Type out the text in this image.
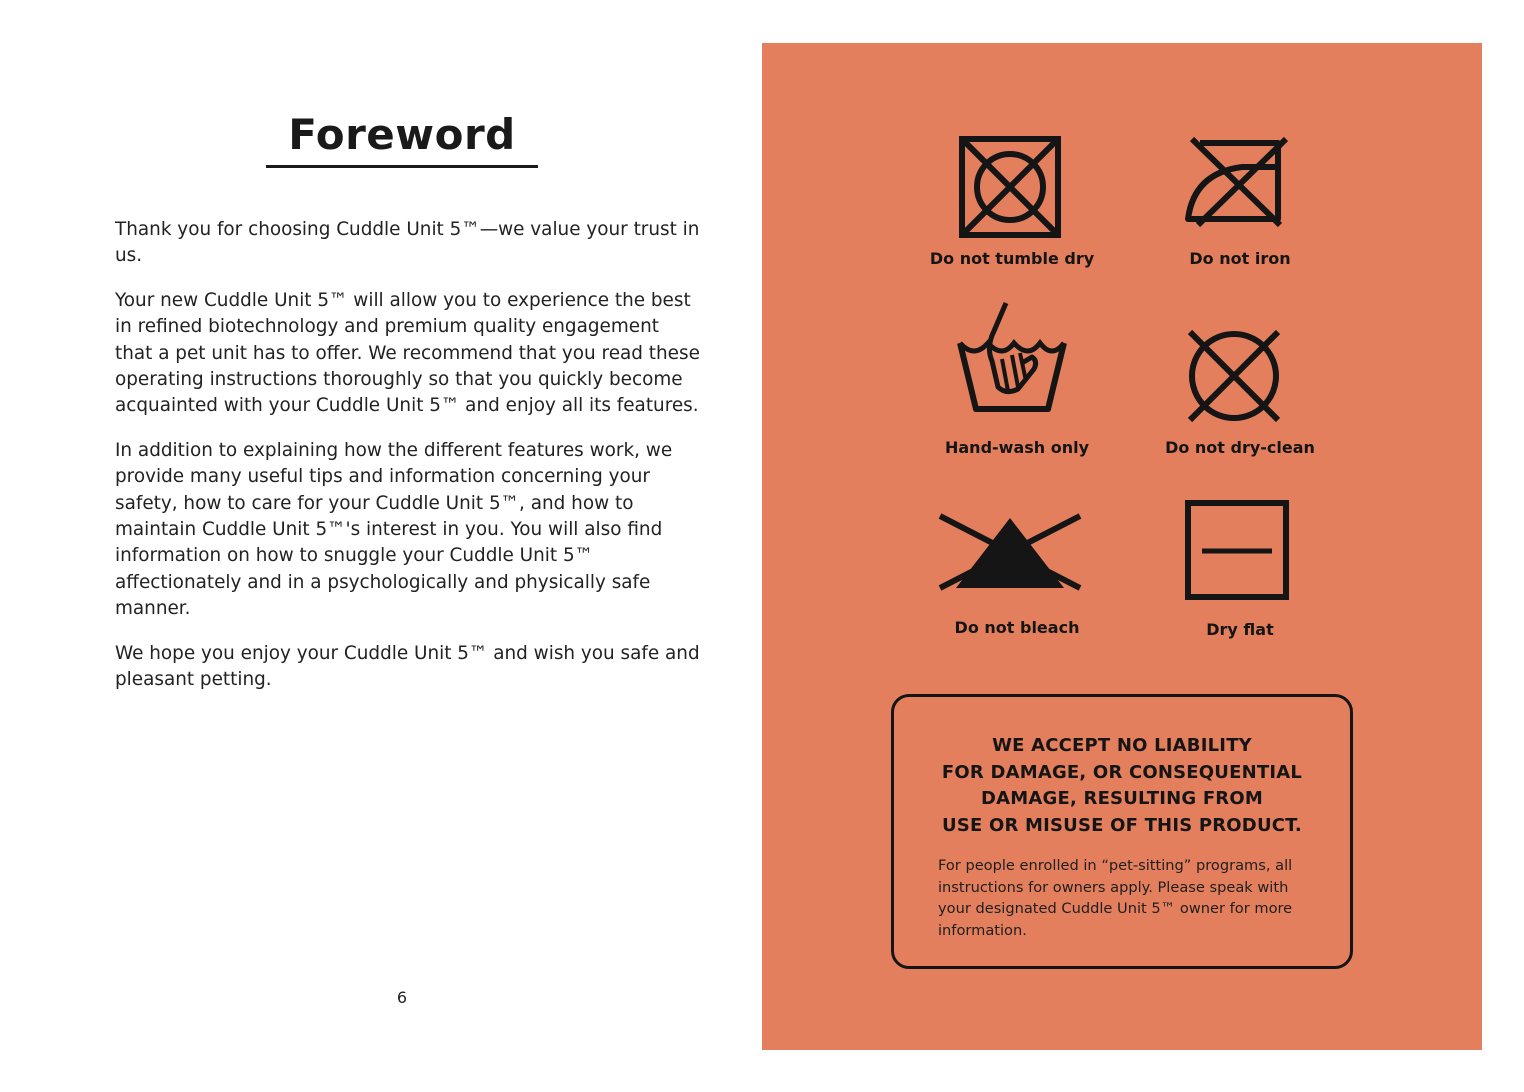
Foreword

Thank you for choosing Cuddle Unit 5™—we value your trust in us.

Your new Cuddle Unit 5™ will allow you to experience the best in refined biotechnology and premium quality engagement that a pet unit has to offer. We recommend that you read these operating instructions thoroughly so that you quickly become acquainted with your Cuddle Unit 5™ and enjoy all its features.

In addition to explaining how the different features work, we provide many useful tips and information concerning your safety, how to care for your Cuddle Unit 5™, and how to maintain Cuddle Unit 5™'s interest in you. You will also find information on how to snuggle your Cuddle Unit 5™ affectionately and in a psychologically and physically safe manner.

We hope you enjoy your Cuddle Unit 5™ and wish you safe and pleasant petting.

6
Do not tumble dry	Do not iron
Hand-wash only	Do not dry-clean
Do not bleach	Dry flat
WE ACCEPT NO LIABILITY
FOR DAMAGE, OR CONSEQUENTIAL
DAMAGE, RESULTING FROM
USE OR MISUSE OF THIS PRODUCT.
For people enrolled in “pet-sitting” programs, all instructions for owners apply. Please speak with your designated Cuddle Unit 5™ owner for more information.
